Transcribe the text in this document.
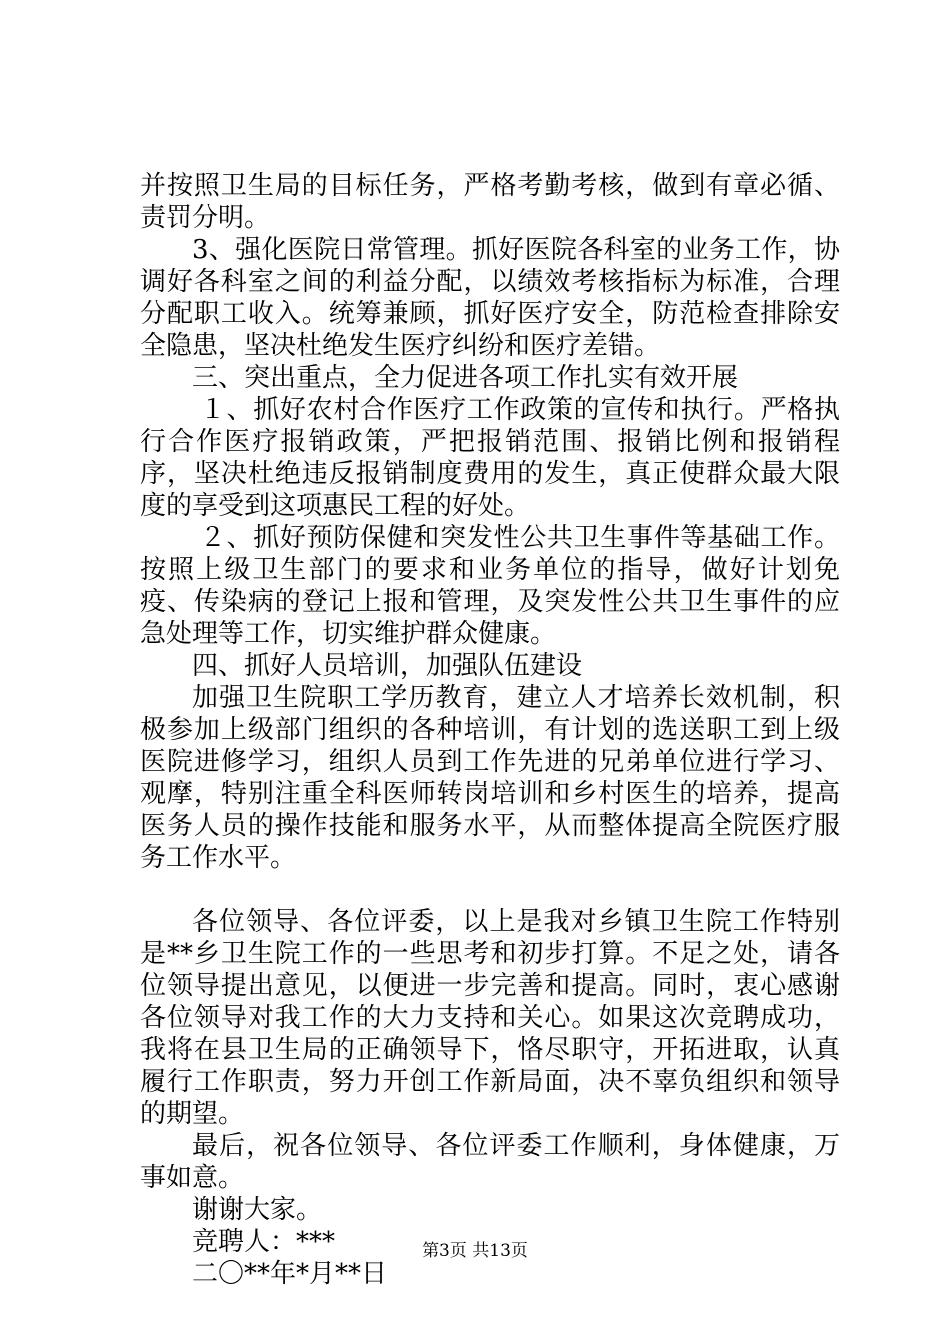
并按照卫生局的目标任务，严格考勤考核，做到有章必循、责罚分明。

3、强化医院日常管理。抓好医院各科室的业务工作，协调好各科室之间的利益分配，以绩效考核指标为标准，合理分配职工收入。统筹兼顾，抓好医疗安全，防范检查排除安全隐患，坚决杜绝发生医疗纠纷和医疗差错。

三、突出重点，全力促进各项工作扎实有效开展

１、抓好农村合作医疗工作政策的宣传和执行。严格执行合作医疗报销政策，严把报销范围、报销比例和报销程序，坚决杜绝违反报销制度费用的发生，真正使群众最大限度的享受到这项惠民工程的好处。

２、抓好预防保健和突发性公共卫生事件等基础工作。按照上级卫生部门的要求和业务单位的指导，做好计划免疫、传染病的登记上报和管理，及突发性公共卫生事件的应急处理等工作，切实维护群众健康。

四、抓好人员培训，加强队伍建设

加强卫生院职工学历教育，建立人才培养长效机制，积极参加上级部门组织的各种培训，有计划的选送职工到上级医院进修学习，组织人员到工作先进的兄弟单位进行学习、观摩，特别注重全科医师转岗培训和乡村医生的培养，提高医务人员的操作技能和服务水平，从而整体提高全院医疗服务工作水平。

各位领导、各位评委，以上是我对乡镇卫生院工作特别是**乡卫生院工作的一些思考和初步打算。不足之处，请各位领导提出意见，以便进一步完善和提高。同时，衷心感谢各位领导对我工作的大力支持和关心。如果这次竞聘成功，我将在县卫生局的正确领导下，恪尽职守，开拓进取，认真履行工作职责，努力开创工作新局面，决不辜负组织和领导的期望。

最后，祝各位领导、各位评委工作顺利，身体健康，万事如意。

谢谢大家。

竞聘人：***

二〇**年*月**日

第3页 共13页
